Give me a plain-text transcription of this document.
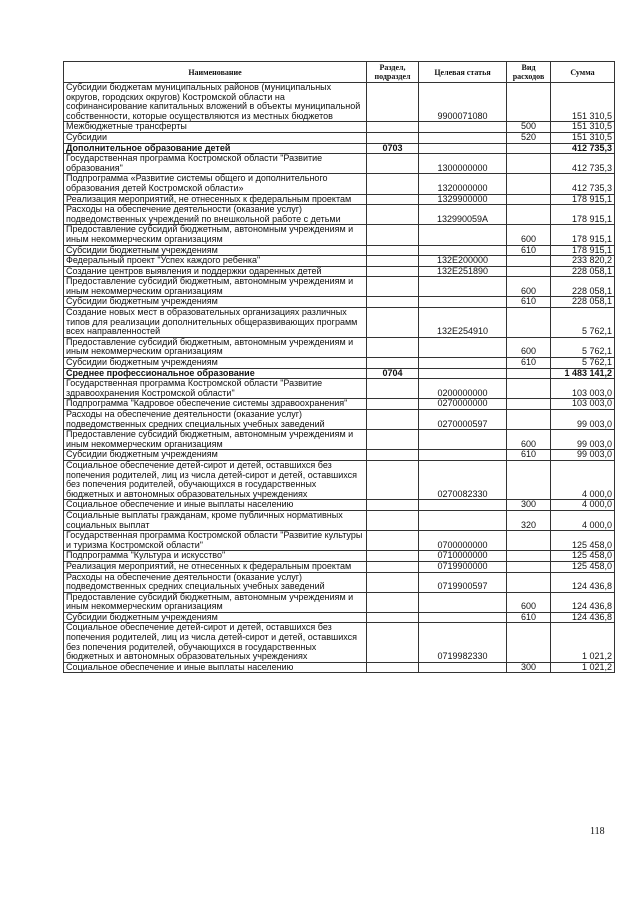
Наименование	Раздел, подраздел	Целевая статья	Вид расходов	Сумма
Субсидии бюджетам муниципальных районов (муниципальных округов, городских округов) Костромской области на софинансирование капитальных вложений в объекты муниципальной собственности, которые осуществляются из местных бюджетов		9900071080		151 310,5
Межбюджетные трансферты			500	151 310,5
Субсидии			520	151 310,5
Дополнительное образование детей	0703			412 735,3
Государственная программа Костромской области "Развитие образования"		1300000000		412 735,3
Подпрограмма «Развитие системы общего и дополнительного образования детей Костромской области»		1320000000		412 735,3
Реализация мероприятий, не отнесенных к федеральным проектам		1329900000		178 915,1
Расходы на обеспечение деятельности (оказание услуг) подведомственных учреждений по внешкольной работе с детьми		132990059А		178 915,1
Предоставление субсидий бюджетным, автономным учреждениям и иным некоммерческим организациям			600	178 915,1
Субсидии бюджетным учреждениям			610	178 915,1
Федеральный проект "Успех каждого ребенка"		132Е200000		233 820,2
Создание центров выявления и поддержки одаренных детей		132Е251890		228 058,1
Предоставление субсидий бюджетным, автономным учреждениям и иным некоммерческим организациям			600	228 058,1
Субсидии бюджетным учреждениям			610	228 058,1
Создание новых мест в образовательных организациях различных типов для реализации дополнительных общеразвивающих программ всех направленностей		132Е254910		5 762,1
Предоставление субсидий бюджетным, автономным учреждениям и иным некоммерческим организациям			600	5 762,1
Субсидии бюджетным учреждениям			610	5 762,1
Среднее профессиональное образование	0704			1 483 141,2
Государственная программа Костромской области "Развитие здравоохранения Костромской области"		0200000000		103 003,0
Подпрограмма "Кадровое обеспечение системы здравоохранения"		0270000000		103 003,0
Расходы на обеспечение деятельности (оказание услуг) подведомственных средних специальных учебных заведений		0270000597		99 003,0
Предоставление субсидий бюджетным, автономным учреждениям и иным некоммерческим организациям			600	99 003,0
Субсидии бюджетным учреждениям			610	99 003,0
Социальное обеспечение детей-сирот и детей, оставшихся без попечения родителей, лиц из числа детей-сирот и детей, оставшихся без попечения родителей, обучающихся в государственных бюджетных и автономных образовательных учреждениях		0270082330		4 000,0
Социальное обеспечение и иные выплаты населению			300	4 000,0
Социальные выплаты гражданам, кроме публичных нормативных социальных выплат			320	4 000,0
Государственная программа Костромской области "Развитие культуры и туризма Костромской области"		0700000000		125 458,0
Подпрограмма "Культура и искусство"		0710000000		125 458,0
Реализация мероприятий, не отнесенных к федеральным проектам		0719900000		125 458,0
Расходы на обеспечение деятельности (оказание услуг) подведомственных средних специальных учебных заведений		0719900597		124 436,8
Предоставление субсидий бюджетным, автономным учреждениям и иным некоммерческим организациям			600	124 436,8
Субсидии бюджетным учреждениям			610	124 436,8
Социальное обеспечение детей-сирот и детей, оставшихся без попечения родителей, лиц из числа детей-сирот и детей, оставшихся без попечения родителей, обучающихся в государственных бюджетных и автономных образовательных учреждениях		0719982330		1 021,2
Социальное обеспечение и иные выплаты населению			300	1 021,2
118
